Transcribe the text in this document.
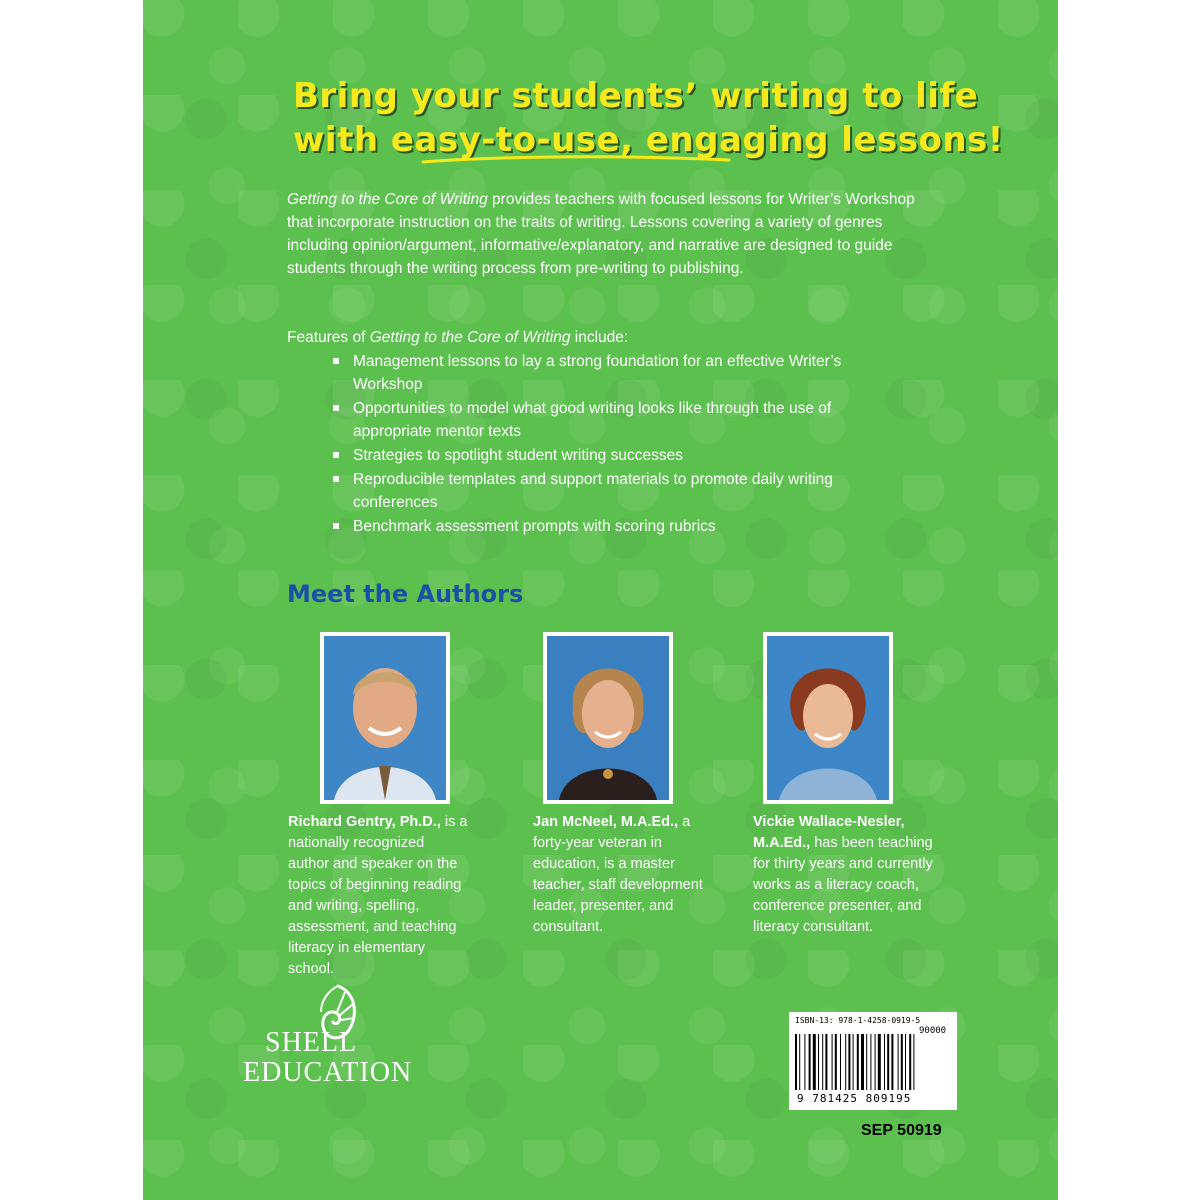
Bring your students’ writing to life
with easy-to-use, engaging lessons!

Getting to the Core of Writing provides teachers with focused lessons for Writer’s Workshop that incorporate instruction on the traits of writing. Lessons covering a variety of genres including opinion/argument, informative/explanatory, and narrative are designed to guide students through the writing process from pre-writing to publishing.

Features of Getting to the Core of Writing include:

Management lessons to lay a strong foundation for an effective Writer’s Workshop
Opportunities to model what good writing looks like through the use of appropriate mentor texts
Strategies to spotlight student writing successes
Reproducible templates and support materials to promote daily writing conferences
Benchmark assessment prompts with scoring rubrics
Meet the Authors
Richard Gentry, Ph.D., is a nationally recognized author and speaker on the topics of beginning reading and writing, spelling, assessment, and teaching literacy in elementary school.
Jan McNeel, M.A.Ed., a forty-year veteran in education, is a master teacher, staff development leader, presenter, and consultant.
Vickie Wallace-Nesler, M.A.Ed., has been teaching for thirty years and currently works as a literacy coach, conference presenter, and literacy consultant.
SHELL
EDUCATION
ISBN-13: 978-1-4258-0919-5
90000
9 781425 809195
SEP 50919
